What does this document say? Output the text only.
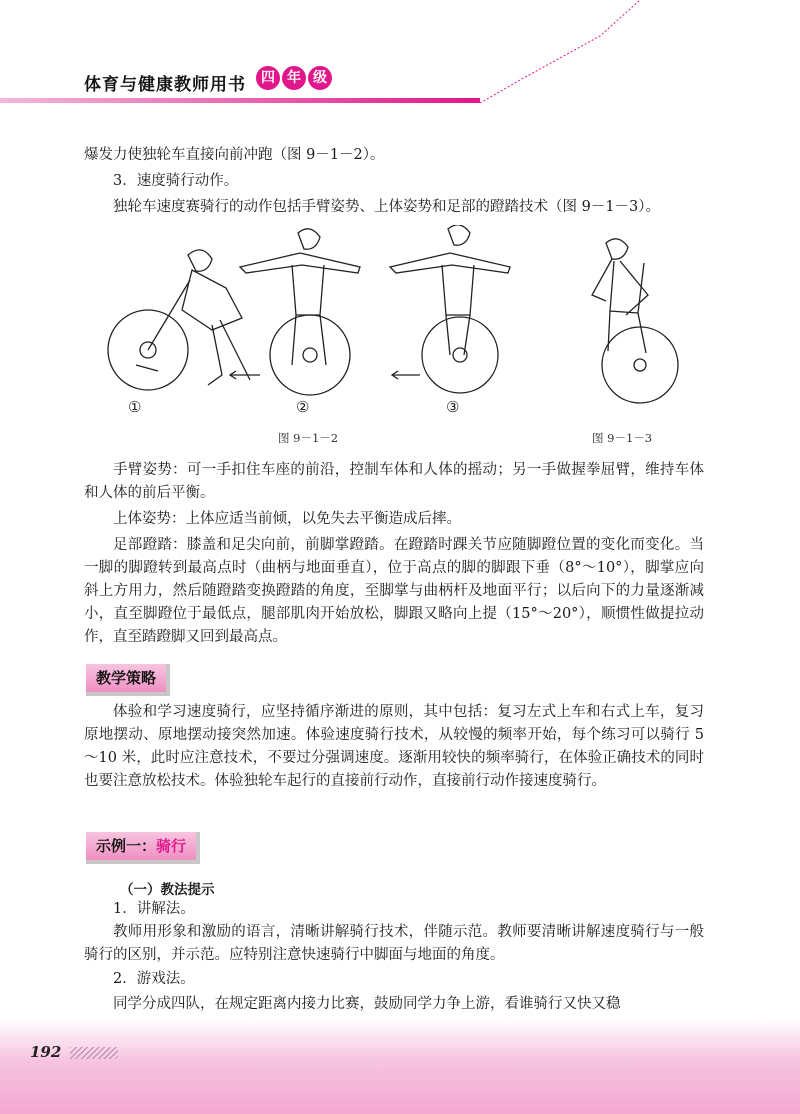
体育与健康教师用书	四 年 级
爆发力使独轮车直接向前冲跑（图 9－1－2）。
3．速度骑行动作。
独轮车速度赛骑行的动作包括手臂姿势、上体姿势和足部的蹬踏技术（图 9－1－3）。
①	②	③
图 9－1－2	图 9－1－3
手臂姿势：可一手扣住车座的前沿，控制车体和人体的摇动；另一手做握拳屈臂，维持车体和人体的前后平衡。
上体姿势：上体应适当前倾，以免失去平衡造成后摔。
足部蹬踏：膝盖和足尖向前，前脚掌蹬踏。在蹬踏时踝关节应随脚蹬位置的变化而变化。当一脚的脚蹬转到最高点时（曲柄与地面垂直），位于高点的脚的脚跟下垂（8°～10°），脚掌应向斜上方用力，然后随蹬踏变换蹬踏的角度，至脚掌与曲柄杆及地面平行；以后向下的力量逐渐减小，直至脚蹬位于最低点，腿部肌肉开始放松，脚跟又略向上提（15°～20°），顺惯性做提拉动作，直至踏蹬脚又回到最高点。
教学策略
体验和学习速度骑行，应坚持循序渐进的原则，其中包括：复习左式上车和右式上车，复习原地摆动、原地摆动接突然加速。体验速度骑行技术，从较慢的频率开始，每个练习可以骑行 5～10 米，此时应注意技术，不要过分强调速度。逐渐用较快的频率骑行，在体验正确技术的同时也要注意放松技术。体验独轮车起行的直接前行动作，直接前行动作接速度骑行。
示例一：骑行
（一）教法提示
1．讲解法。
教师用形象和激励的语言，清晰讲解骑行技术，伴随示范。教师要清晰讲解速度骑行与一般骑行的区别，并示范。应特别注意快速骑行中脚面与地面的角度。
2．游戏法。
同学分成四队，在规定距离内接力比赛，鼓励同学力争上游，看谁骑行又快又稳
192
